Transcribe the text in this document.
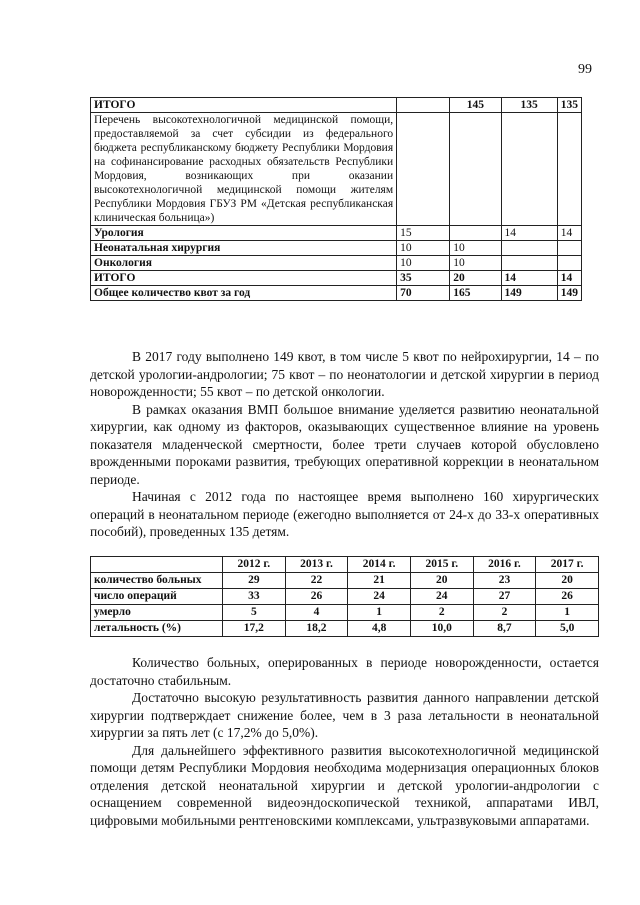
99
ИТОГО		145	135	135
Перечень высокотехнологичной медицинской помощи, предоставляемой за счет субсидии из федерального бюджета республиканскому бюджету Республики Мордовия на софинансирование расходных обязательств Республики Мордовия, возникающих при оказании высокотехнологичной медицинской помощи жителям Республики Мордовия ГБУЗ РМ «Детская республиканская клиническая больница»)				
Урология	15		14	14
Неонатальная хирургия	10	10		
Онкология	10	10		
ИТОГО	35	20	14	14
Общее количество квот за год	70	165	149	149

В 2017 году выполнено 149 квот, в том числе 5 квот по нейрохирургии, 14 – по детской урологии-андрологии; 75 квот – по неонатологии и детской хирургии в период новорожденности; 55 квот – по детской онкологии.

В рамках оказания ВМП большое внимание уделяется развитию неонатальной хирургии, как одному из факторов, оказывающих существенное влияние на уровень показателя младенческой смертности, более трети случаев которой обусловлено врожденными пороками развития, требующих оперативной коррекции в неонатальном периоде.

Начиная с 2012 года по настоящее время выполнено 160 хирургических операций в неонатальном периоде (ежегодно выполняется от 24-х до 33-х оперативных пособий), проведенных 135 детям.

	2012 г.	2013 г.	2014 г.	2015 г.	2016 г.	2017 г.
количество больных	29	22	21	20	23	20
число операций	33	26	24	24	27	26
умерло	5	4	1	2	2	1
летальность (%)	17,2	18,2	4,8	10,0	8,7	5,0

Количество больных, оперированных в периоде новорожденности, остается достаточно стабильным.

Достаточно высокую результативность развития данного направлении детской хирургии подтверждает снижение более, чем в 3 раза летальности в неонатальной хирургии за пять лет (с 17,2% до 5,0%).

Для дальнейшего эффективного развития высокотехнологичной медицинской помощи детям Республики Мордовия необходима модернизация операционных блоков отделения детской неонатальной хирургии и детской урологии-андрологии с оснащением современной видеоэндоскопической техникой, аппаратами ИВЛ, цифровыми мобильными рентгеновскими комплексами, ультразвуковыми аппаратами.
